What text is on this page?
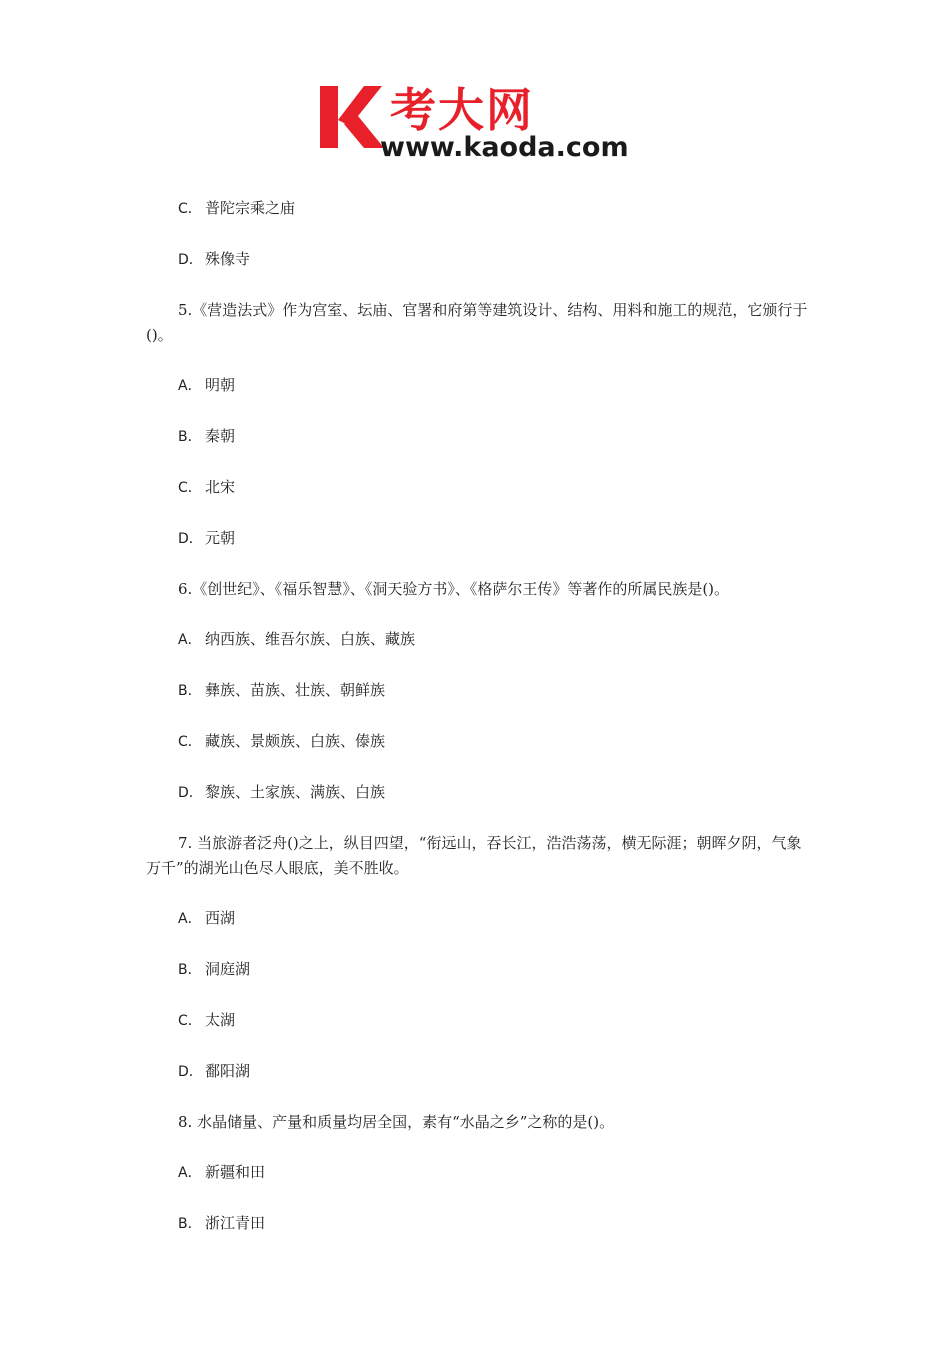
考大网
www.kaoda.com
C． 普陀宗乘之庙
D． 殊像寺
5.《营造法式》作为宫室、坛庙、官署和府第等建筑设计、结构、用料和施工的规范，它颁行于()。
A． 明朝
B． 秦朝
C． 北宋
D． 元朝
6.《创世纪》、《福乐智慧》、《洞天验方书》、《格萨尔王传》等著作的所属民族是()。
A． 纳西族、维吾尔族、白族、藏族
B． 彝族、苗族、壮族、朝鲜族
C． 藏族、景颇族、白族、傣族
D． 黎族、土家族、满族、白族
7. 当旅游者泛舟()之上，纵目四望，“衔远山，吞长江，浩浩荡荡，横无际涯；朝晖夕阴，气象万千”的湖光山色尽人眼底，美不胜收。
A． 西湖
B． 洞庭湖
C． 太湖
D． 鄱阳湖
8. 水晶储量、产量和质量均居全国，素有“水晶之乡”之称的是()。
A． 新疆和田
B． 浙江青田
